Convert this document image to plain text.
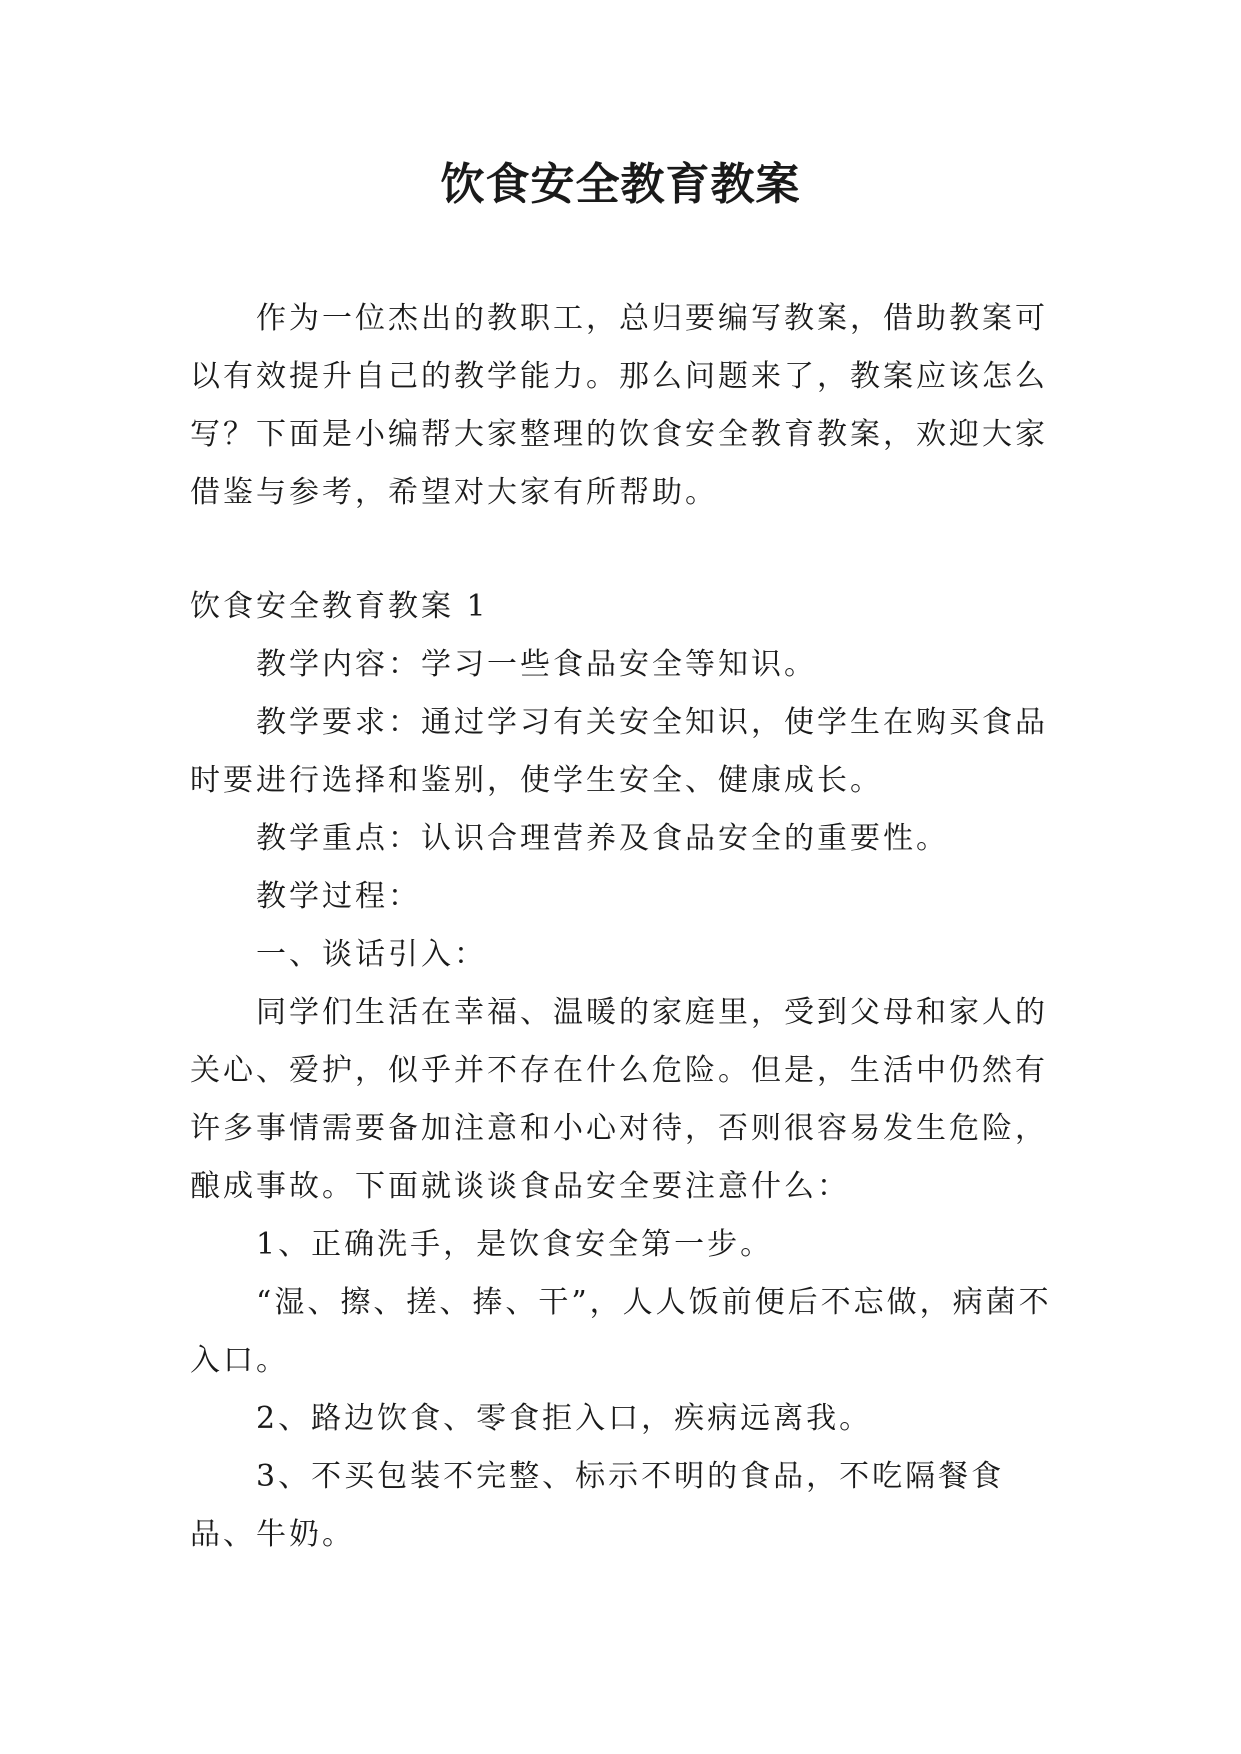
饮食安全教育教案

作为一位杰出的教职工，总归要编写教案，借助教案可以有效提升自己的教学能力。那么问题来了，教案应该怎么写？下面是小编帮大家整理的饮食安全教育教案，欢迎大家借鉴与参考，希望对大家有所帮助。

饮食安全教育教案 1

教学内容：学习一些食品安全等知识。

教学要求：通过学习有关安全知识，使学生在购买食品时要进行选择和鉴别，使学生安全、健康成长。

教学重点：认识合理营养及食品安全的重要性。

教学过程：

一、谈话引入：

同学们生活在幸福、温暖的家庭里，受到父母和家人的关心、爱护，似乎并不存在什么危险。但是，生活中仍然有许多事情需要备加注意和小心对待，否则很容易发生危险，酿成事故。下面就谈谈食品安全要注意什么：

1、正确洗手，是饮食安全第一步。

“湿、擦、搓、捧、干”，人人饭前便后不忘做，病菌不入口。

2、路边饮食、零食拒入口，疾病远离我。

3、不买包装不完整、标示不明的食品，不吃隔餐食品、牛奶。
